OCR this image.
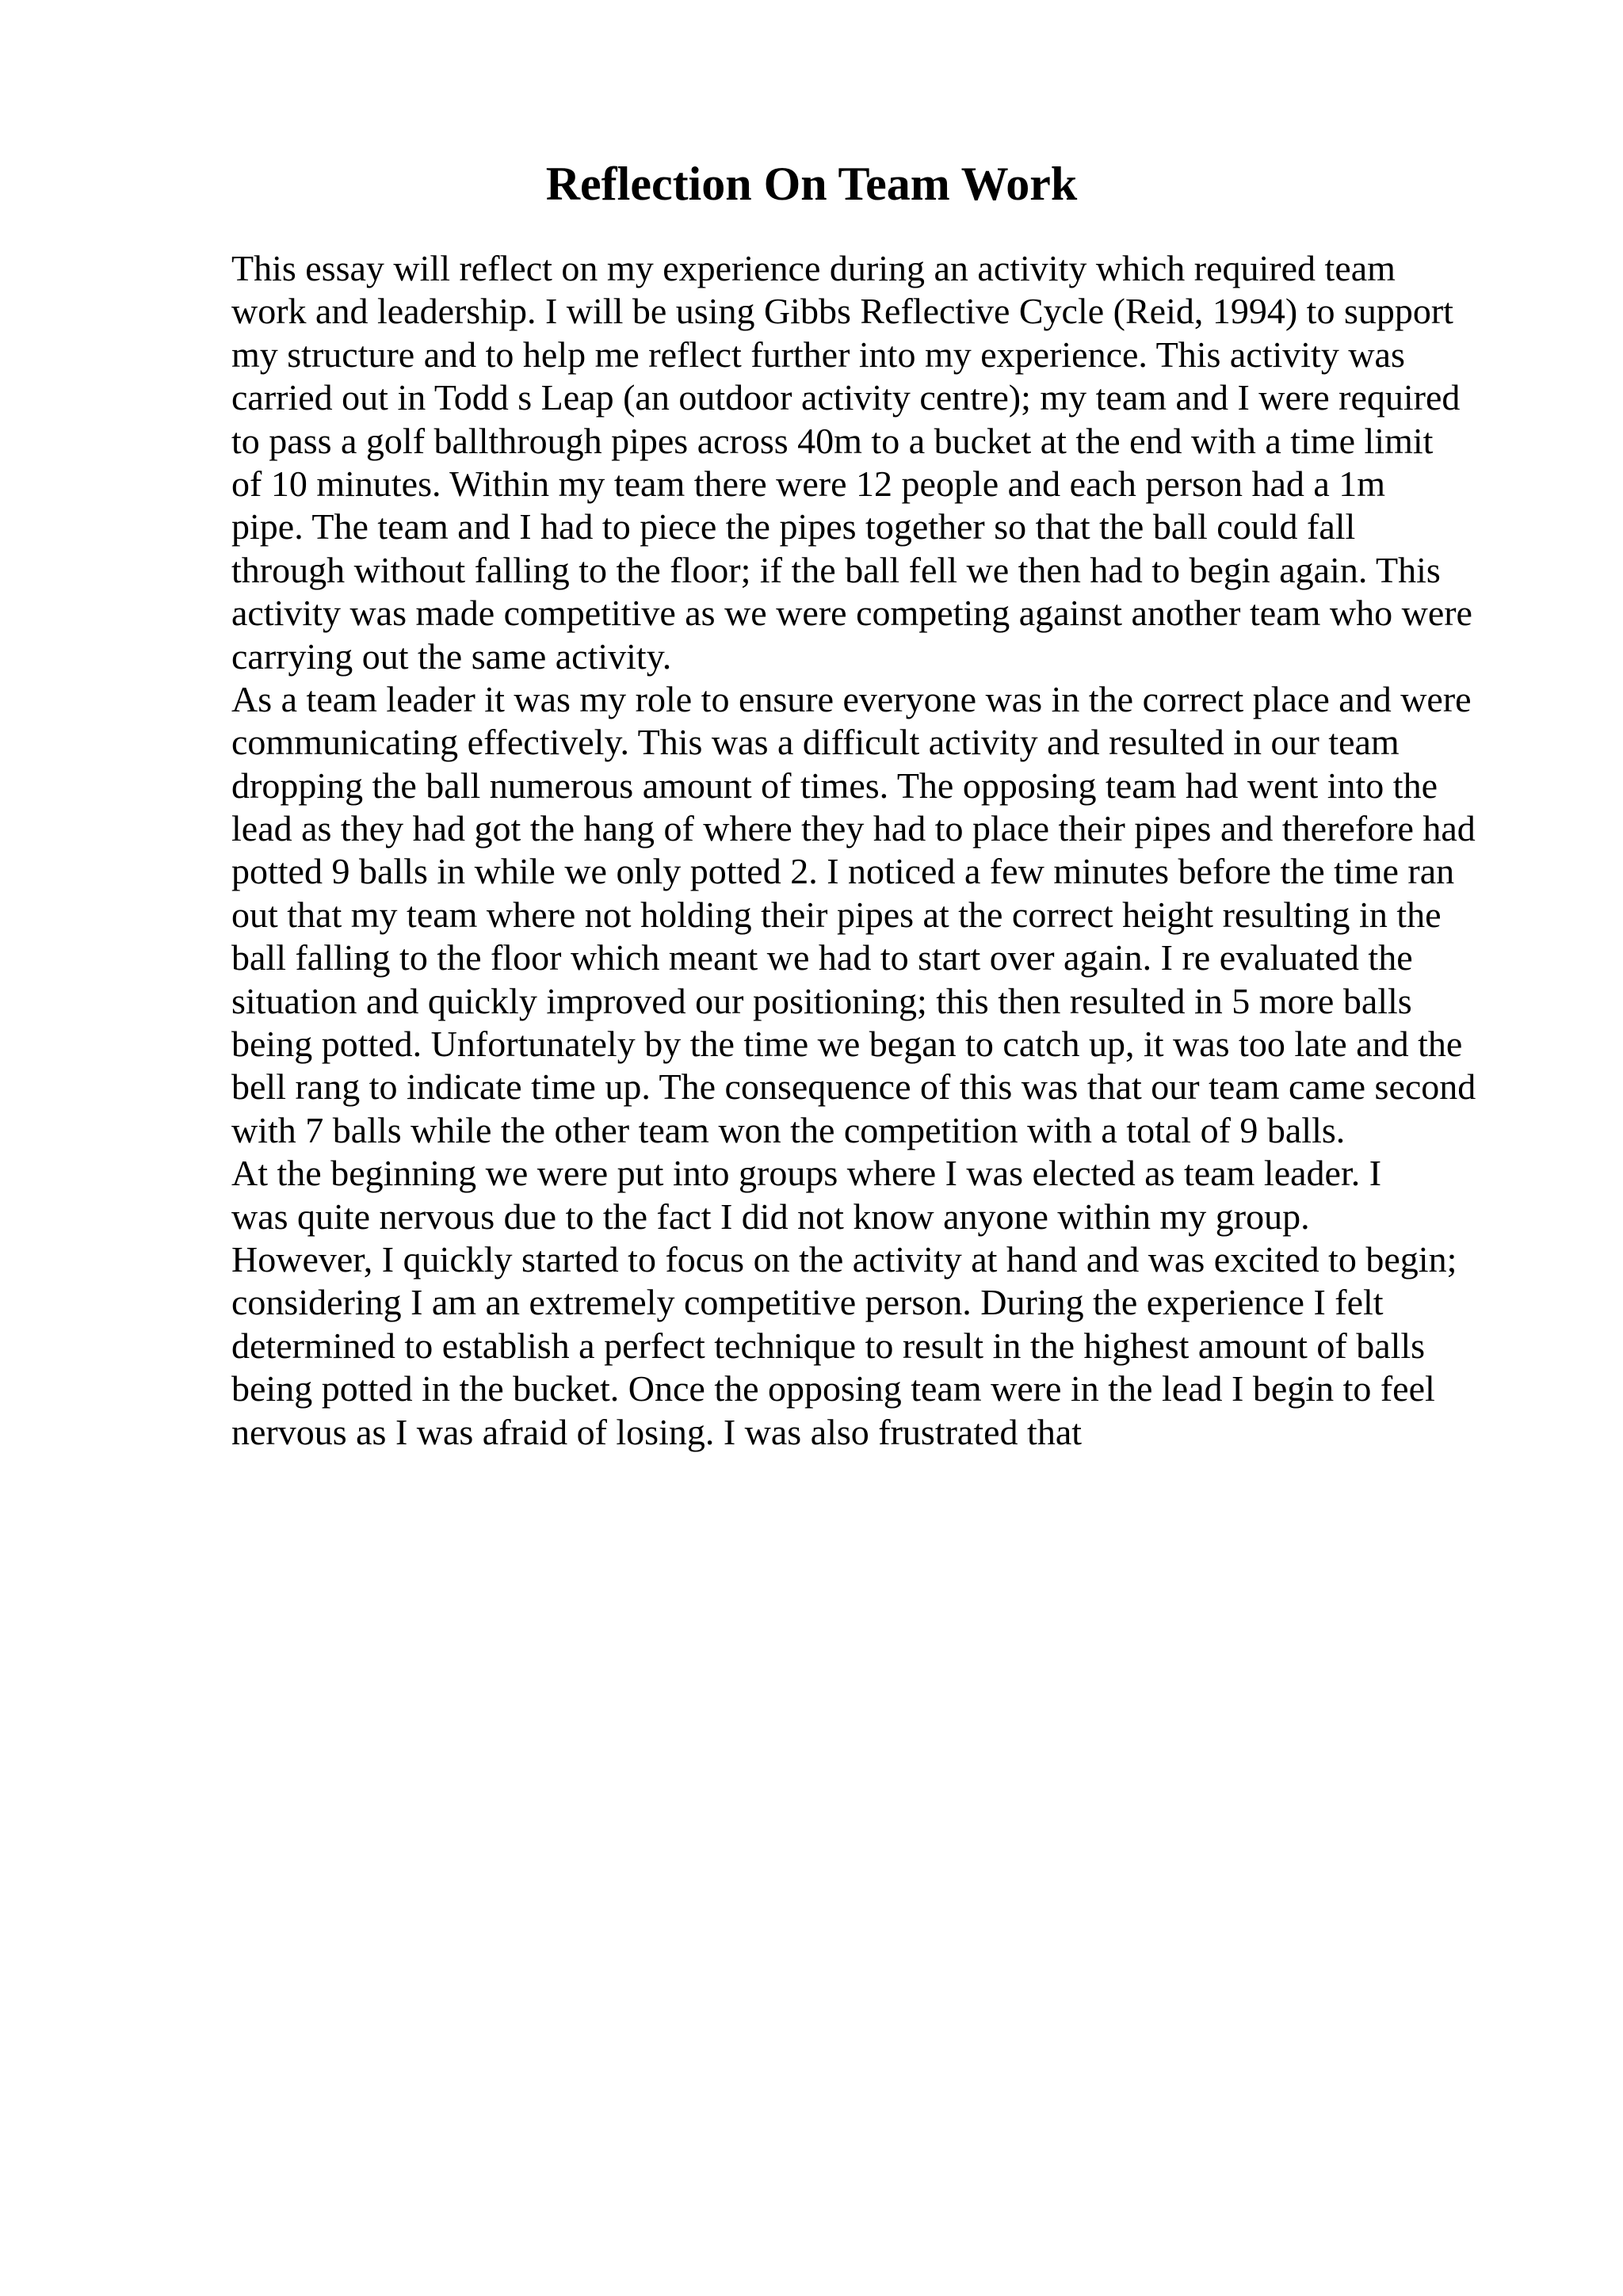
Reflection On Team Work
This essay will reflect on my experience during an activity which required team
work and leadership. I will be using Gibbs Reflective Cycle (Reid, 1994) to support
my structure and to help me reflect further into my experience. This activity was
carried out in Todd s Leap (an outdoor activity centre); my team and I were required
to pass a golf ballthrough pipes across 40m to a bucket at the end with a time limit
of 10 minutes. Within my team there were 12 people and each person had a 1m
pipe. The team and I had to piece the pipes together so that the ball could fall
through without falling to the floor; if the ball fell we then had to begin again. This
activity was made competitive as we were competing against another team who were
carrying out the same activity.
As a team leader it was my role to ensure everyone was in the correct place and were
communicating effectively. This was a difficult activity and resulted in our team
dropping the ball numerous amount of times. The opposing team had went into the
lead as they had got the hang of where they had to place their pipes and therefore had
potted 9 balls in while we only potted 2. I noticed a few minutes before the time ran
out that my team where not holding their pipes at the correct height resulting in the
ball falling to the floor which meant we had to start over again. I re evaluated the
situation and quickly improved our positioning; this then resulted in 5 more balls
being potted. Unfortunately by the time we began to catch up, it was too late and the
bell rang to indicate time up. The consequence of this was that our team came second
with 7 balls while the other team won the competition with a total of 9 balls.
At the beginning we were put into groups where I was elected as team leader. I
was quite nervous due to the fact I did not know anyone within my group.
However, I quickly started to focus on the activity at hand and was excited to begin;
considering I am an extremely competitive person. During the experience I felt
determined to establish a perfect technique to result in the highest amount of balls
being potted in the bucket. Once the opposing team were in the lead I begin to feel
nervous as I was afraid of losing. I was also frustrated that
